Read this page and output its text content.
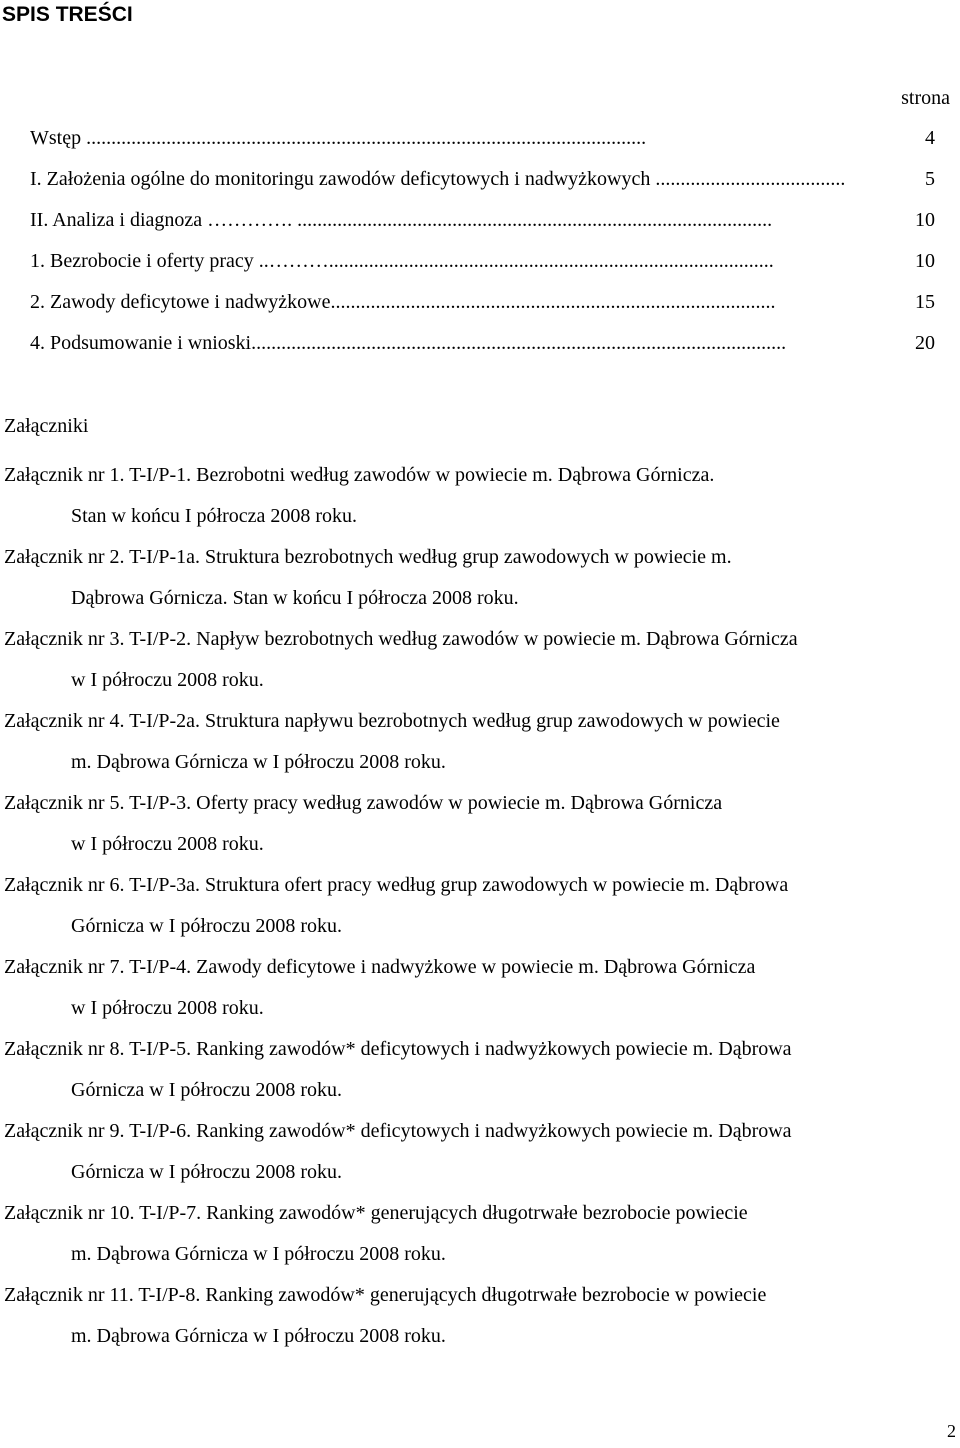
SPIS TREŚCI
strona
Wstęp ................................................................................................................	4
I. Założenia ogólne do monitoringu zawodów deficytowych i nadwyżkowych ......................................	5
II. Analiza i diagnoza …………. ...............................................................................................	10
1. Bezrobocie i oferty pracy ..……….........................................................................................	10
2. Zawody deficytowe i nadwyżkowe.........................................................................................	15
4. Podsumowanie i wnioski...........................................................................................................	20
Załączniki
Załącznik nr 1. T-I/P-1. Bezrobotni według zawodów w powiecie m. Dąbrowa Górnicza.
Stan w końcu I półrocza 2008 roku.
Załącznik nr 2. T-I/P-1a. Struktura bezrobotnych według grup zawodowych w powiecie m.
Dąbrowa Górnicza. Stan w końcu I półrocza 2008 roku.
Załącznik nr 3. T-I/P-2. Napływ bezrobotnych według zawodów w powiecie m. Dąbrowa Górnicza
w I półroczu 2008 roku.
Załącznik nr 4. T-I/P-2a. Struktura napływu bezrobotnych według grup zawodowych w powiecie
m. Dąbrowa Górnicza w I półroczu 2008 roku.
Załącznik nr 5. T-I/P-3. Oferty pracy według zawodów w powiecie m. Dąbrowa Górnicza
w I półroczu 2008 roku.
Załącznik nr 6. T-I/P-3a. Struktura ofert pracy według grup zawodowych w powiecie m. Dąbrowa
Górnicza w I półroczu 2008 roku.
Załącznik nr 7. T-I/P-4. Zawody deficytowe i nadwyżkowe w powiecie m. Dąbrowa Górnicza
w I półroczu 2008 roku.
Załącznik nr 8. T-I/P-5. Ranking zawodów* deficytowych i nadwyżkowych powiecie m. Dąbrowa
Górnicza w I półroczu 2008 roku.
Załącznik nr 9. T-I/P-6. Ranking zawodów* deficytowych i nadwyżkowych powiecie m. Dąbrowa
Górnicza w I półroczu 2008 roku.
Załącznik nr 10. T-I/P-7. Ranking zawodów* generujących długotrwałe bezrobocie powiecie
m. Dąbrowa Górnicza w I półroczu 2008 roku.
Załącznik nr 11. T-I/P-8. Ranking zawodów* generujących długotrwałe bezrobocie w powiecie
m. Dąbrowa Górnicza w I półroczu 2008 roku.
2
